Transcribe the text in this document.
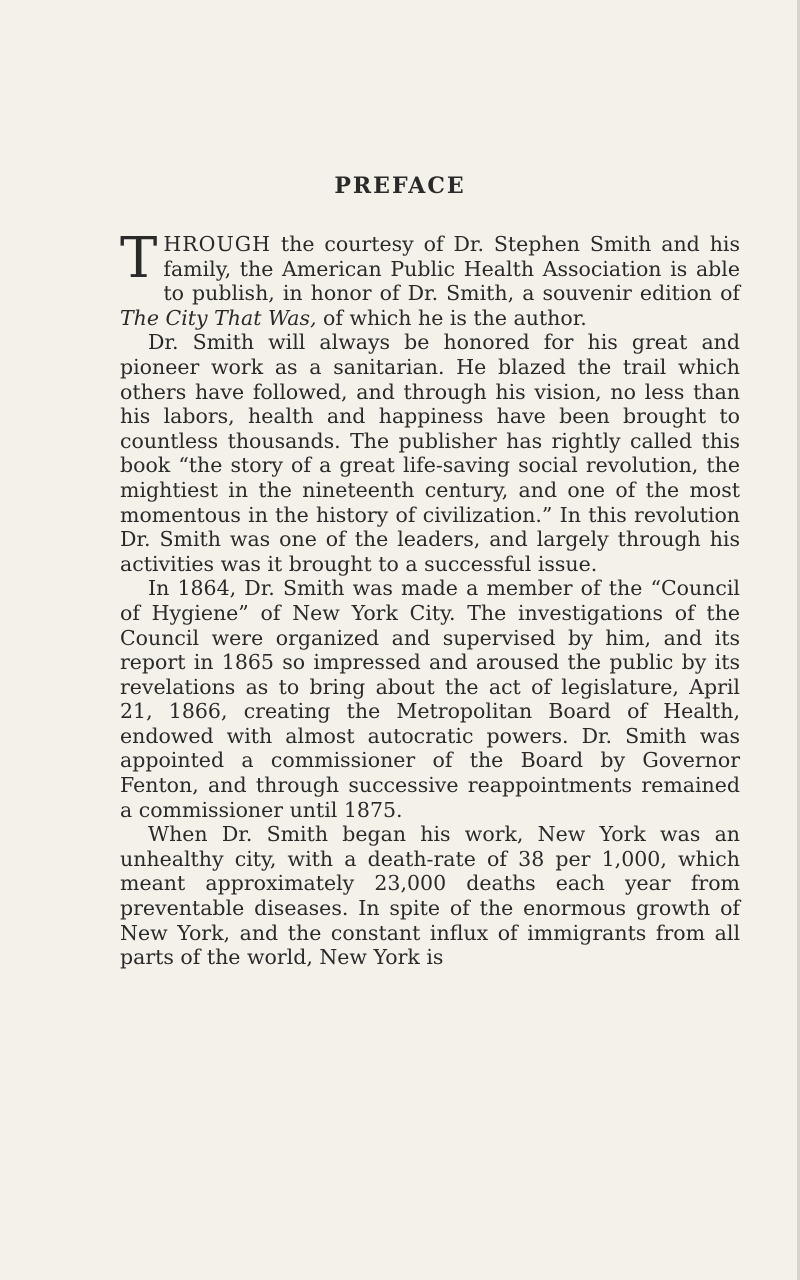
PREFACE

THROUGH the courtesy of Dr. Stephen Smith and his family, the American Public Health Association is able to publish, in honor of Dr. Smith, a souvenir edition of The City That Was, of which he is the author.

Dr. Smith will always be honored for his great and pioneer work as a sanitarian. He blazed the trail which others have followed, and through his vision, no less than his labors, health and happiness have been brought to countless thousands. The publisher has rightly called this book “the story of a great life-saving social revolution, the mightiest in the nineteenth century, and one of the most momentous in the history of civilization.” In this revolution Dr. Smith was one of the leaders, and largely through his activities was it brought to a successful issue.

In 1864, Dr. Smith was made a member of the “Council of Hygiene” of New York City. The investigations of the Council were organized and supervised by him, and its report in 1865 so impressed and aroused the public by its revelations as to bring about the act of legislature, April 21, 1866, creating the Metropolitan Board of Health, endowed with almost autocratic powers. Dr. Smith was appointed a commissioner of the Board by Governor Fenton, and through successive reappointments remained a commissioner until 1875.

When Dr. Smith began his work, New York was an unhealthy city, with a death-rate of 38 per 1,000, which meant approximately 23,000 deaths each year from preventable diseases. In spite of the enormous growth of New York, and the constant influx of immigrants from all parts of the world, New York is
